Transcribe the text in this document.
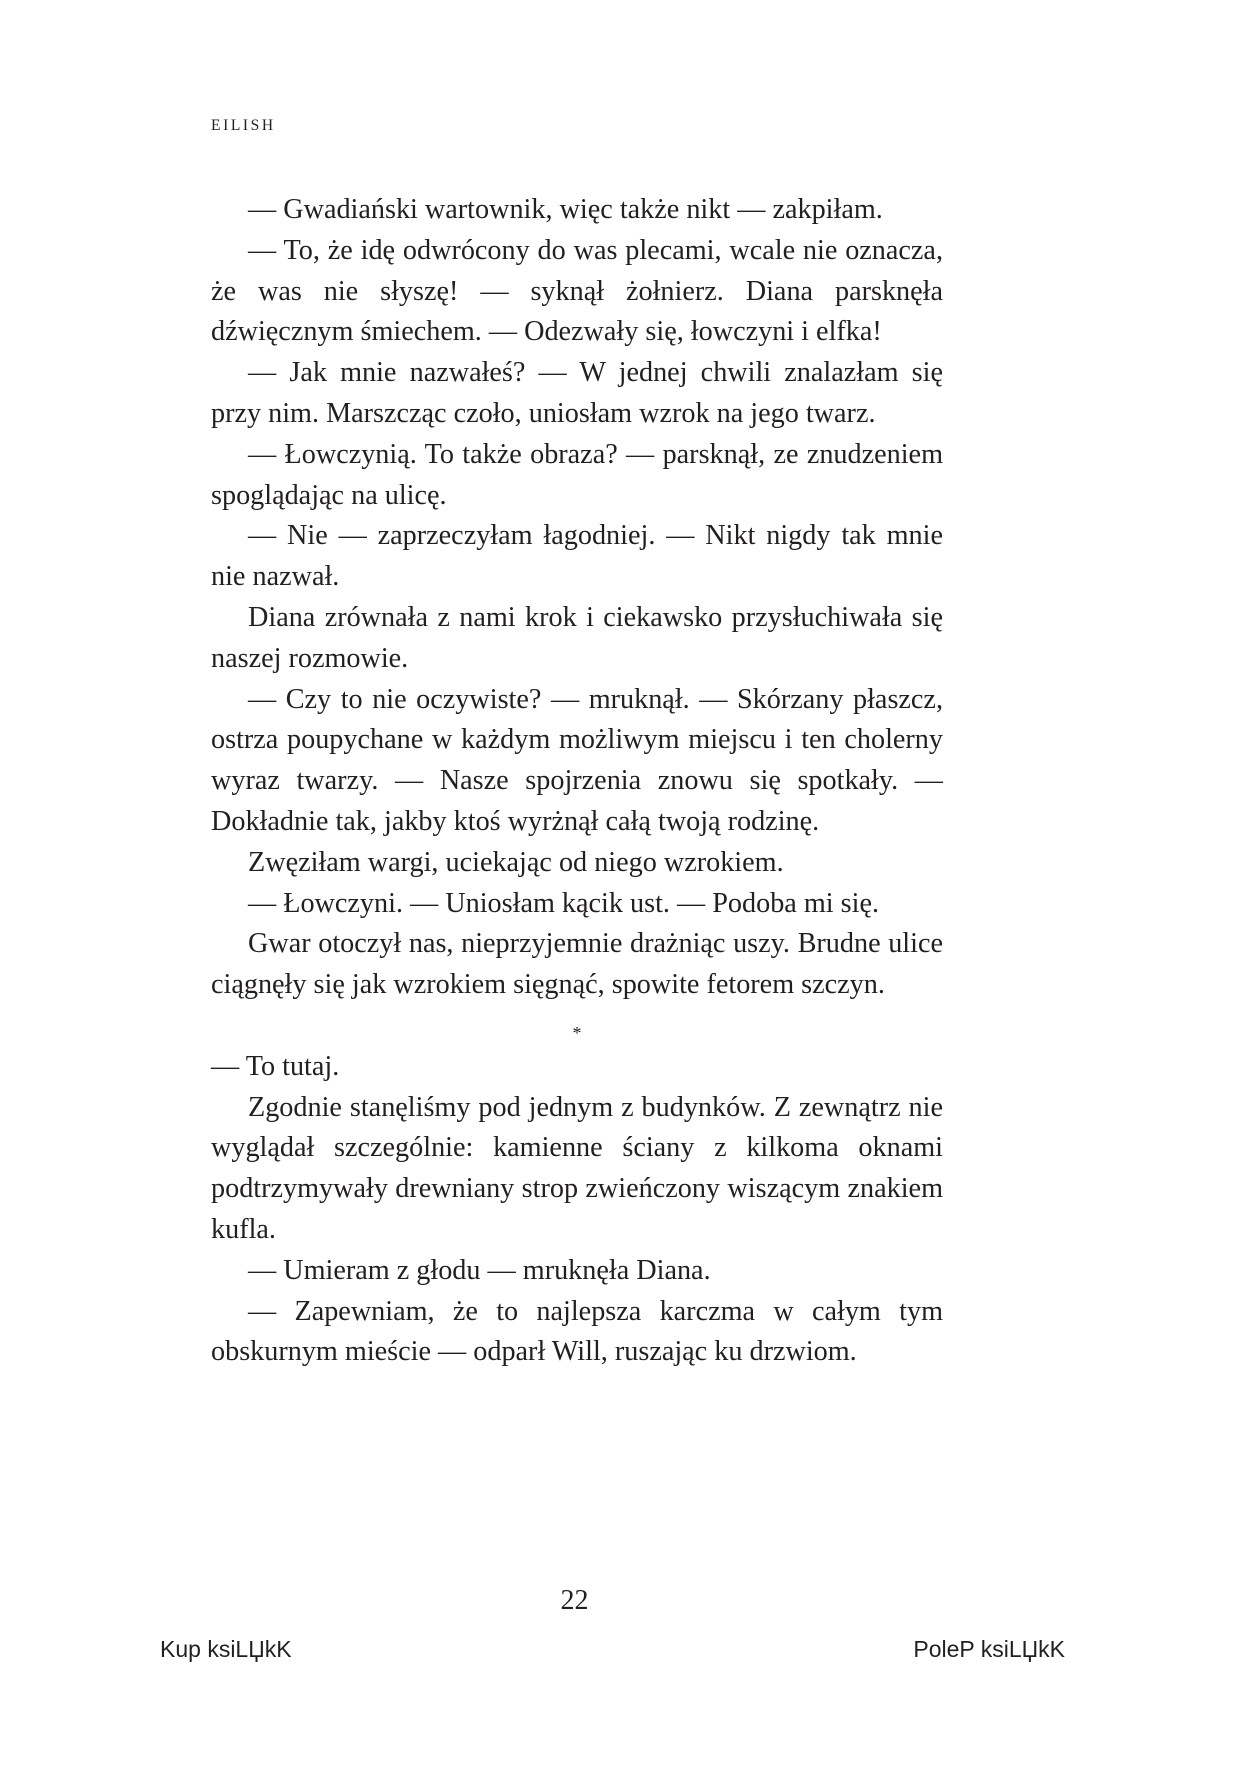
EILISH

— Gwadiański wartownik, więc także nikt — zakpiłam.

— To, że idę odwrócony do was plecami, wcale nie oznacza, że was nie słyszę! — syknął żołnierz. Diana parsknęła dźwięcznym śmiechem. — Odezwały się, łowczyni i elfka!

— Jak mnie nazwałeś? — W jednej chwili znalazłam się przy nim. Marszcząc czoło, uniosłam wzrok na jego twarz.

— Łowczynią. To także obraza? — parsknął, ze znudzeniem spoglądając na ulicę.

— Nie — zaprzeczyłam łagodniej. — Nikt nigdy tak mnie nie nazwał.

Diana zrównała z nami krok i ciekawsko przysłuchiwała się naszej rozmowie.

— Czy to nie oczywiste? — mruknął. — Skórzany płaszcz, ostrza poupychane w każdym możliwym miejscu i ten cholerny wyraz twarzy. — Nasze spojrzenia znowu się spotkały. — Dokładnie tak, jakby ktoś wyrżnął całą twoją rodzinę.

Zwęziłam wargi, uciekając od niego wzrokiem.

— Łowczyni. — Uniosłam kącik ust. — Podoba mi się.

Gwar otoczył nas, nieprzyjemnie drażniąc uszy. Brudne ulice ciągnęły się jak wzrokiem sięgnąć, spowite fetorem szczyn.

*

— To tutaj.

Zgodnie stanęliśmy pod jednym z budynków. Z zewnątrz nie wyglądał szczególnie: kamienne ściany z kilkoma oknami podtrzymywały drewniany strop zwieńczony wiszącym znakiem kufla.

— Umieram z głodu — mruknęła Diana.

— Zapewniam, że to najlepsza karczma w całym tym obskurnym mieście — odparł Will, ruszając ku drzwiom.

22
Kup ksiLЏkK	PoleP ksiLЏkK
